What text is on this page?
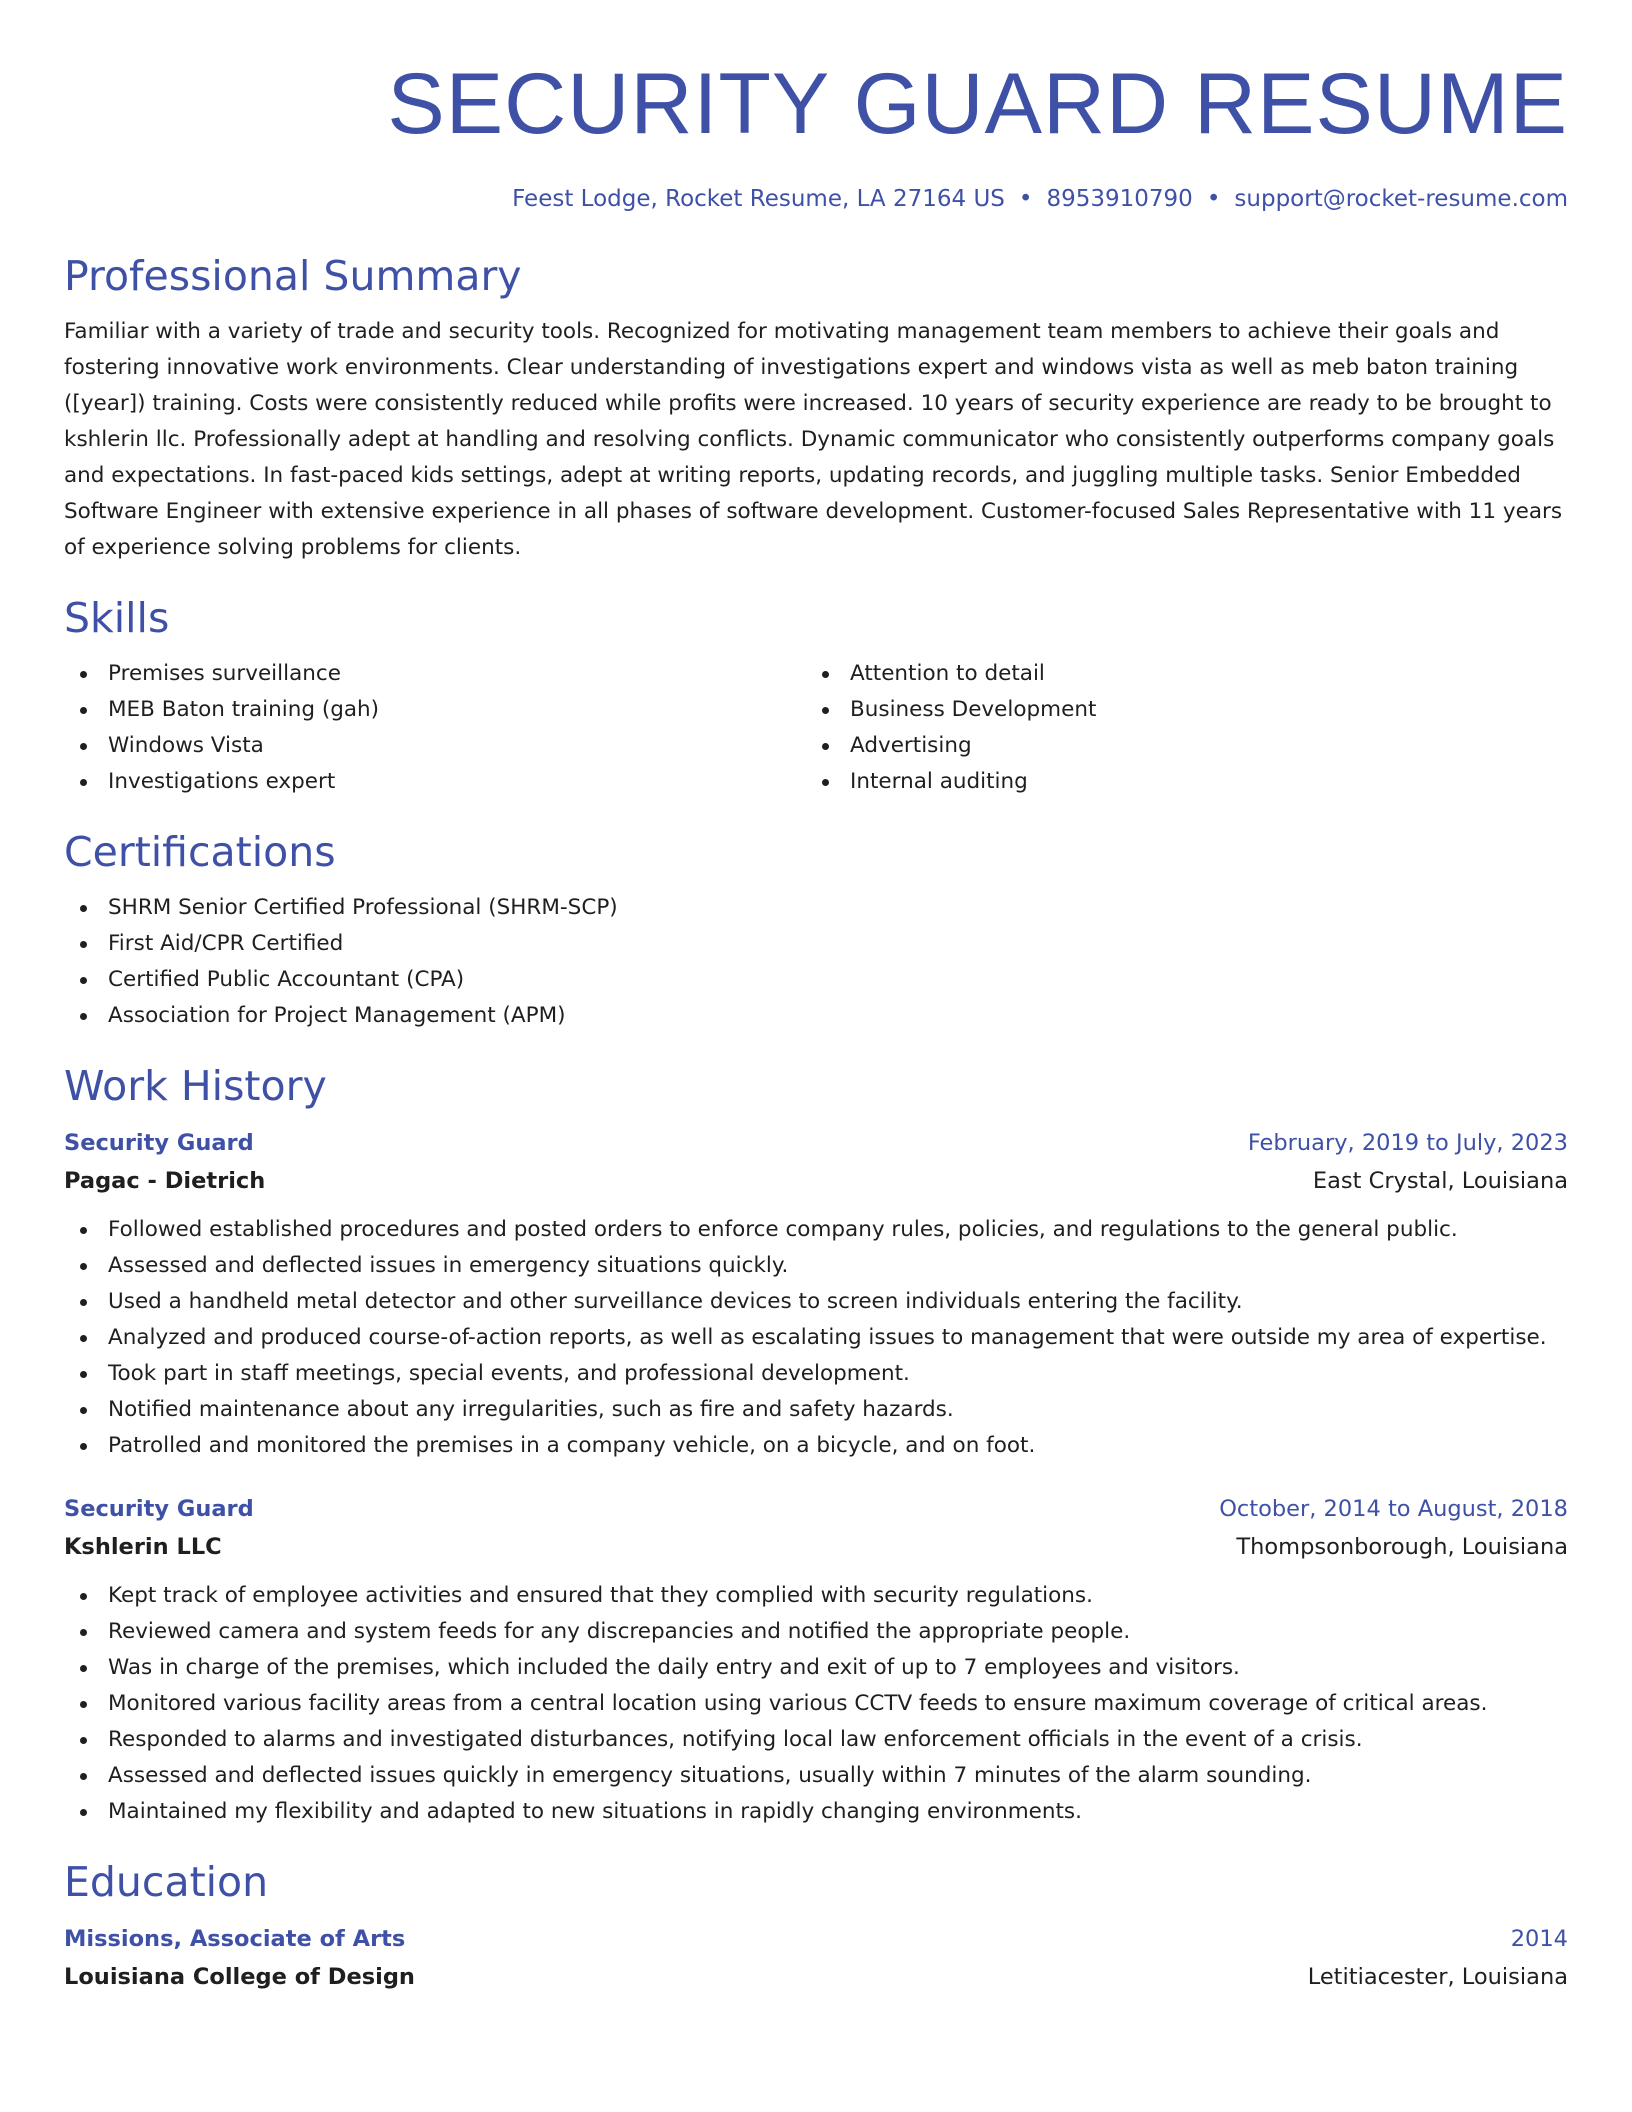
SECURITY GUARD RESUME
Feest Lodge, Rocket Resume, LA 27164 US • 8953910790 • support@rocket-resume.com
Professional Summary

Familiar with a variety of trade and security tools. Recognized for motivating management team members to achieve their goals and fostering innovative work environments. Clear understanding of investigations expert and windows vista as well as meb baton training ([year]) training. Costs were consistently reduced while profits were increased. 10 years of security experience are ready to be brought to kshlerin llc. Professionally adept at handling and resolving conflicts. Dynamic communicator who consistently outperforms company goals and expectations. In fast-paced kids settings, adept at writing reports, updating records, and juggling multiple tasks. Senior Embedded Software Engineer with extensive experience in all phases of software development. Customer-focused Sales Representative with 11 years of experience solving problems for clients.

Skills
Premises surveillance
MEB Baton training (gah)
Windows Vista
Investigations expert
Attention to detail
Business Development
Advertising
Internal auditing
Certifications
SHRM Senior Certified Professional (SHRM-SCP)
First Aid/CPR Certified
Certified Public Accountant (CPA)
Association for Project Management (APM)
Work History
Security Guard	February, 2019 to July, 2023
Pagac - Dietrich	East Crystal, Louisiana
Followed established procedures and posted orders to enforce company rules, policies, and regulations to the general public.
Assessed and deflected issues in emergency situations quickly.
Used a handheld metal detector and other surveillance devices to screen individuals entering the facility.
Analyzed and produced course-of-action reports, as well as escalating issues to management that were outside my area of expertise.
Took part in staff meetings, special events, and professional development.
Notified maintenance about any irregularities, such as fire and safety hazards.
Patrolled and monitored the premises in a company vehicle, on a bicycle, and on foot.
Security Guard	October, 2014 to August, 2018
Kshlerin LLC	Thompsonborough, Louisiana
Kept track of employee activities and ensured that they complied with security regulations.
Reviewed camera and system feeds for any discrepancies and notified the appropriate people.
Was in charge of the premises, which included the daily entry and exit of up to 7 employees and visitors.
Monitored various facility areas from a central location using various CCTV feeds to ensure maximum coverage of critical areas.
Responded to alarms and investigated disturbances, notifying local law enforcement officials in the event of a crisis.
Assessed and deflected issues quickly in emergency situations, usually within 7 minutes of the alarm sounding.
Maintained my flexibility and adapted to new situations in rapidly changing environments.
Education
Missions, Associate of Arts	2014
Louisiana College of Design	Letitiacester, Louisiana
